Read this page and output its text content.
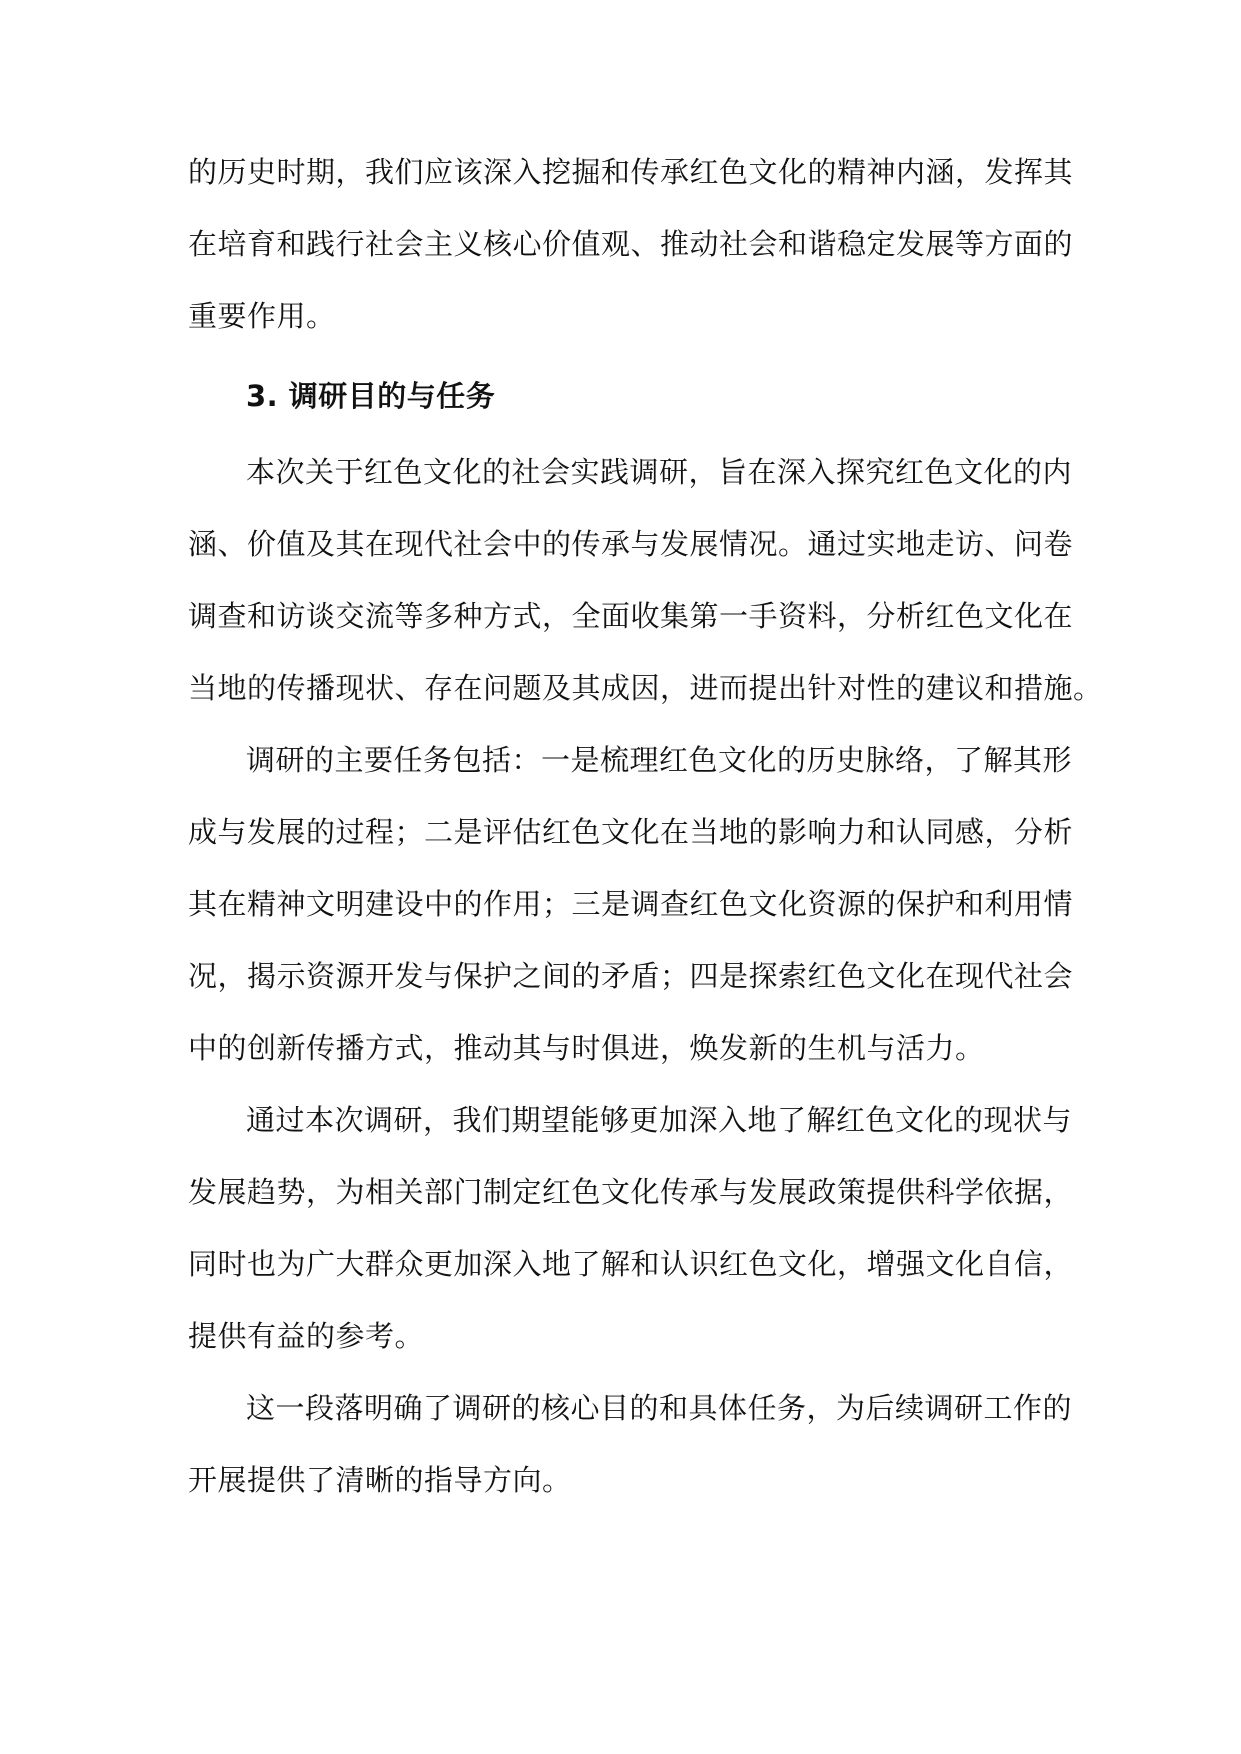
的历史时期，我们应该深入挖掘和传承红色文化的精神内涵，发挥其
在培育和践行社会主义核心价值观、推动社会和谐稳定发展等方面的
重要作用。
3. 调研目的与任务
本次关于红色文化的社会实践调研，旨在深入探究红色文化的内
涵、价值及其在现代社会中的传承与发展情况。通过实地走访、问卷
调查和访谈交流等多种方式，全面收集第一手资料，分析红色文化在
当地的传播现状、存在问题及其成因，进而提出针对性的建议和措施。
调研的主要任务包括：一是梳理红色文化的历史脉络，了解其形
成与发展的过程；二是评估红色文化在当地的影响力和认同感，分析
其在精神文明建设中的作用；三是调查红色文化资源的保护和利用情
况，揭示资源开发与保护之间的矛盾；四是探索红色文化在现代社会
中的创新传播方式，推动其与时俱进，焕发新的生机与活力。
通过本次调研，我们期望能够更加深入地了解红色文化的现状与
发展趋势，为相关部门制定红色文化传承与发展政策提供科学依据，
同时也为广大群众更加深入地了解和认识红色文化，增强文化自信，
提供有益的参考。
这一段落明确了调研的核心目的和具体任务，为后续调研工作的
开展提供了清晰的指导方向。
